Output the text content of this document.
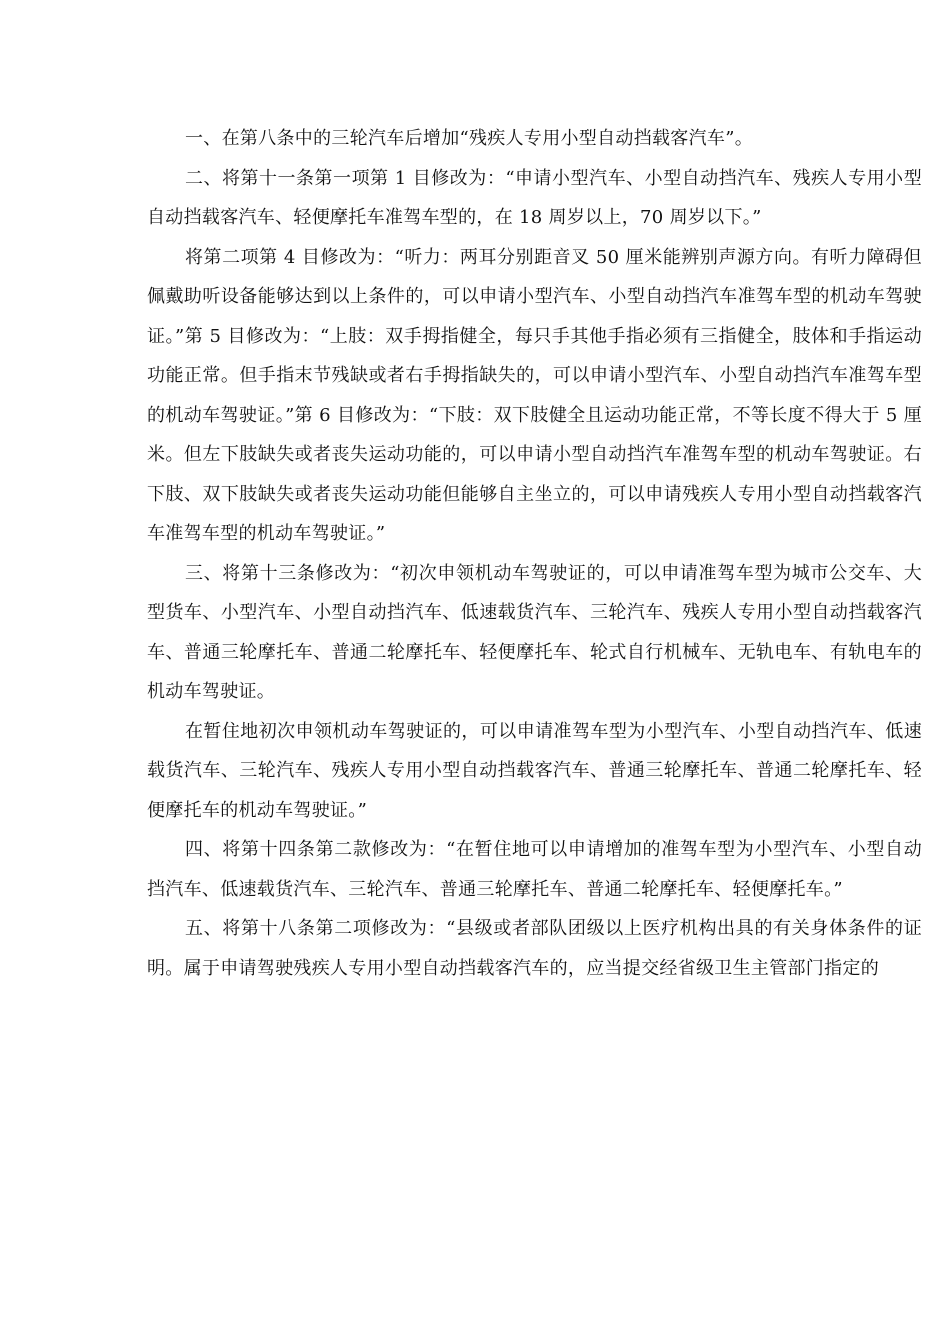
一、在第八条中的三轮汽车后增加“残疾人专用小型自动挡载客汽车”。

二、将第十一条第一项第 1 目修改为：“申请小型汽车、小型自动挡汽车、残疾人专用小型自动挡载客汽车、轻便摩托车准驾车型的，在 18 周岁以上，70 周岁以下。”

将第二项第 4 目修改为：“听力：两耳分别距音叉 50 厘米能辨别声源方向。有听力障碍但佩戴助听设备能够达到以上条件的，可以申请小型汽车、小型自动挡汽车准驾车型的机动车驾驶证。”第 5 目修改为：“上肢：双手拇指健全，每只手其他手指必须有三指健全，肢体和手指运动功能正常。但手指末节残缺或者右手拇指缺失的，可以申请小型汽车、小型自动挡汽车准驾车型的机动车驾驶证。”第 6 目修改为：“下肢：双下肢健全且运动功能正常，不等长度不得大于 5 厘米。但左下肢缺失或者丧失运动功能的，可以申请小型自动挡汽车准驾车型的机动车驾驶证。右下肢、双下肢缺失或者丧失运动功能但能够自主坐立的，可以申请残疾人专用小型自动挡载客汽车准驾车型的机动车驾驶证。”

三、将第十三条修改为：“初次申领机动车驾驶证的，可以申请准驾车型为城市公交车、大型货车、小型汽车、小型自动挡汽车、低速载货汽车、三轮汽车、残疾人专用小型自动挡载客汽车、普通三轮摩托车、普通二轮摩托车、轻便摩托车、轮式自行机械车、无轨电车、有轨电车的机动车驾驶证。

在暂住地初次申领机动车驾驶证的，可以申请准驾车型为小型汽车、小型自动挡汽车、低速载货汽车、三轮汽车、残疾人专用小型自动挡载客汽车、普通三轮摩托车、普通二轮摩托车、轻便摩托车的机动车驾驶证。”

四、将第十四条第二款修改为：“在暂住地可以申请增加的准驾车型为小型汽车、小型自动挡汽车、低速载货汽车、三轮汽车、普通三轮摩托车、普通二轮摩托车、轻便摩托车。”

五、将第十八条第二项修改为：“县级或者部队团级以上医疗机构出具的有关身体条件的证明。属于申请驾驶残疾人专用小型自动挡载客汽车的，应当提交经省级卫生主管部门指定的
